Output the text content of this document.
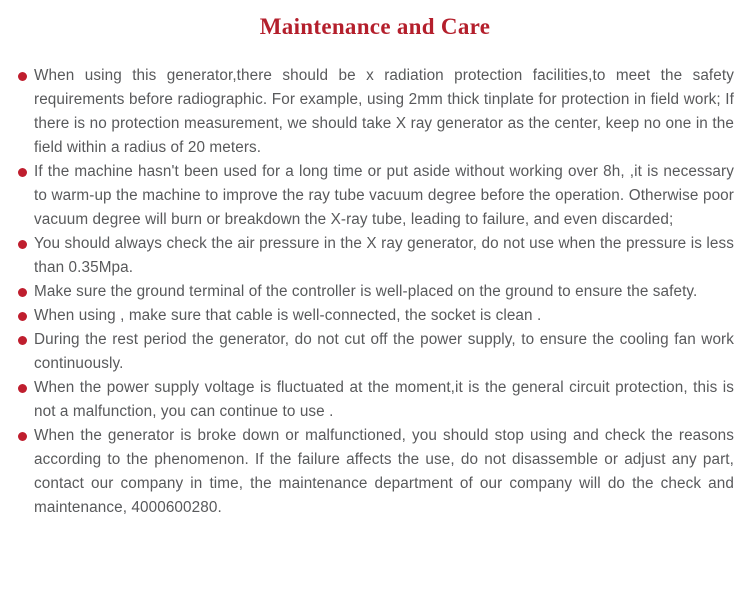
Maintenance and Care
When using this generator,there should be x radiation protection facilities,to meet the safety requirements before radiographic. For example, using 2mm thick tinplate for protection in field work; If there is no protection measurement, we should take X ray generator as the center, keep no one in the field within a radius of 20 meters.
If the machine hasn't been used for a long time or put aside without working over 8h, ,it is necessary to warm-up the machine to improve the ray tube vacuum degree before the operation. Otherwise poor vacuum degree will burn or breakdown the X-ray tube, leading to failure, and even discarded;
You should always check the air pressure in the X ray generator, do not use when the pressure is less than 0.35Mpa.
Make sure the ground terminal of the controller is well-placed on the ground to ensure the safety.
When using , make sure that cable is well-connected, the socket is clean .
During the rest period the generator, do not cut off the power supply, to ensure the cooling fan work continuously.
When the power supply voltage is fluctuated at the moment,it is the general circuit protection, this is not a malfunction, you can continue to use .
When the generator is broke down or malfunctioned, you should stop using and check the reasons according to the phenomenon. If the failure affects the use, do not disassemble or adjust any part, contact our company in time, the maintenance department of our company will do the check and maintenance, 4000600280.
